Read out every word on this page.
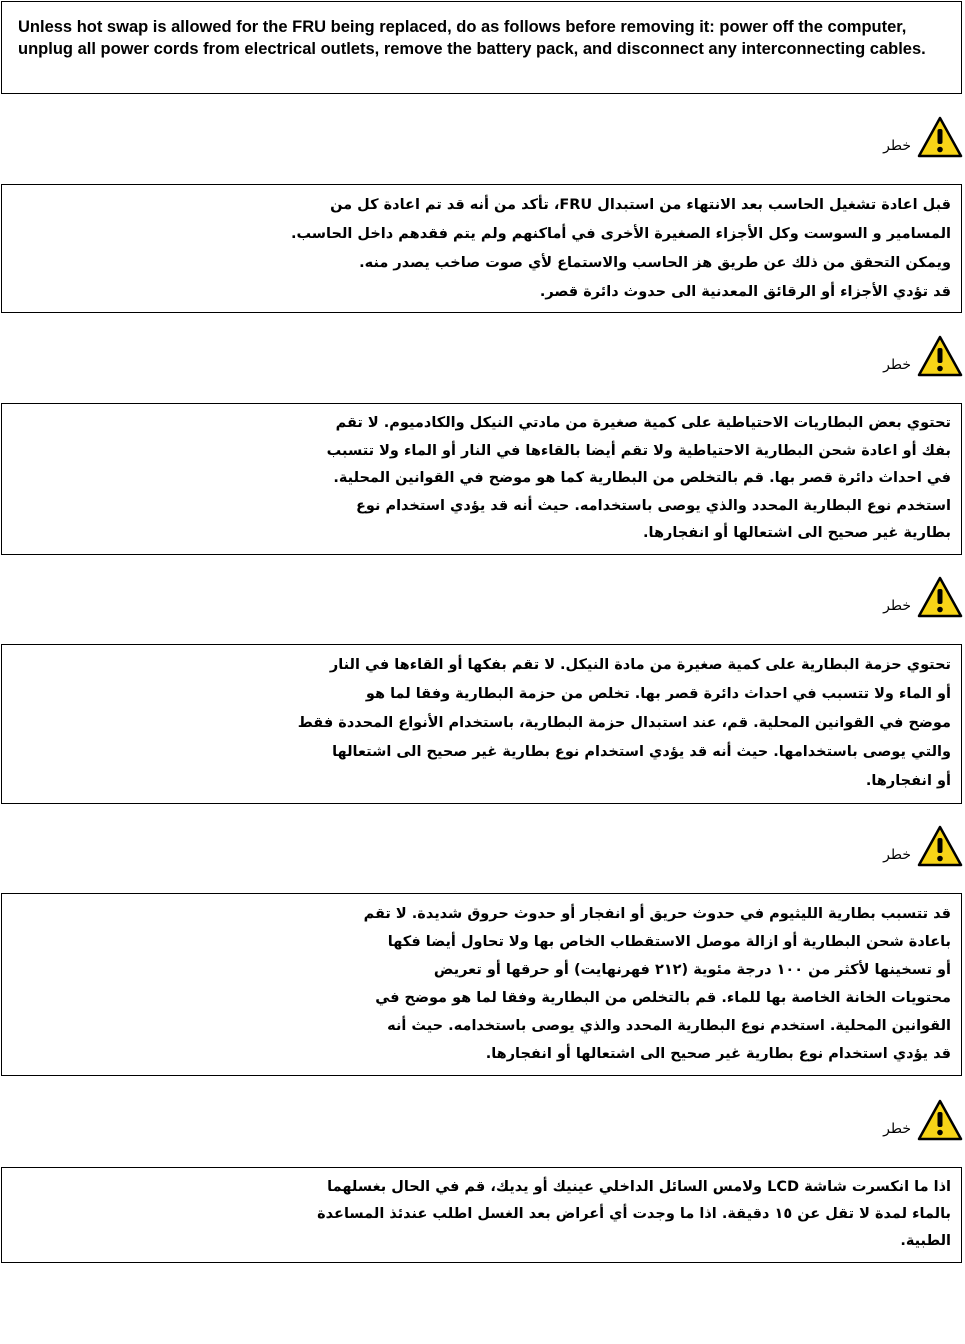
Unless hot swap is allowed for the FRU being replaced, do as follows before removing it: power off the computer, unplug all power cords from electrical outlets, remove the battery pack, and disconnect any interconnecting cables.

خطر
قبل اعادة تشغيل الحاسب بعد الانتهاء من استبدال FRU، تأكد من أنه قد تم اعادة كل من
المسامير و السوست وكل الأجزاء الصغيرة الأخرى في أماكنهم ولم يتم فقدهم داخل الحاسب.
ويمكن التحقق من ذلك عن طريق هز الحاسب والاستماع لأي صوت صاخب يصدر منه.
قد تؤدي الأجزاء أو الرقائق المعدنية الى حدوث دائرة قصر.
خطر
تحتوي بعض البطاريات الاحتياطية على كمية صغيرة من مادتي النيكل والكادميوم. لا تقم
بفك أو اعادة شحن البطارية الاحتياطية ولا تقم أيضا بالقاءها في النار أو الماء ولا تتسبب
في احداث دائرة قصر بها. قم بالتخلص من البطارية كما هو موضح في القوانين المحلية.
استخدم نوع البطارية المحدد والذي يوصى باستخدامه. حيث أنه قد يؤدي استخدام نوع
بطارية غير صحيح الى اشتعالها أو انفجارها.
خطر
تحتوي حزمة البطارية على كمية صغيرة من مادة النيكل. لا تقم بفكها أو القاءها في النار
أو الماء ولا تتسبب في احداث دائرة قصر بها. تخلص من حزمة البطارية وفقا لما هو
موضح في القوانين المحلية. قم، عند استبدال حزمة البطارية، باستخدام الأنواع المحددة فقط
والتي يوصى باستخدامها. حيث أنه قد يؤدي استخدام نوع بطارية غير صحيح الى اشتعالها
أو انفجارها.
خطر
قد تتسبب بطارية الليثيوم في حدوث حريق أو انفجار أو حدوث حروق شديدة. لا تقم
باعادة شحن البطارية أو ازالة موصل الاستقطاب الخاص بها ولا تحاول أيضا فكها
أو تسخينها لأكثر من ١٠٠ درجة مئوية (٢١٢ فهرنهايت) أو حرقها أو تعريض
محتويات الخانة الخاصة بها للماء. قم بالتخلص من البطارية وفقا لما هو موضح في
القوانين المحلية. استخدم نوع البطارية المحدد والذي يوصى باستخدامه. حيث أنه
قد يؤدي استخدام نوع بطارية غير صحيح الى اشتعالها أو انفجارها.
خطر
اذا ما انكسرت شاشة LCD ولامس السائل الداخلي عينيك أو يديك، قم في الحال بغسلهما
بالماء لمدة لا تقل عن ١٥ دقيقة. اذا ما وجدت أي أعراض بعد الغسل اطلب عندئذ المساعدة
الطبية.
